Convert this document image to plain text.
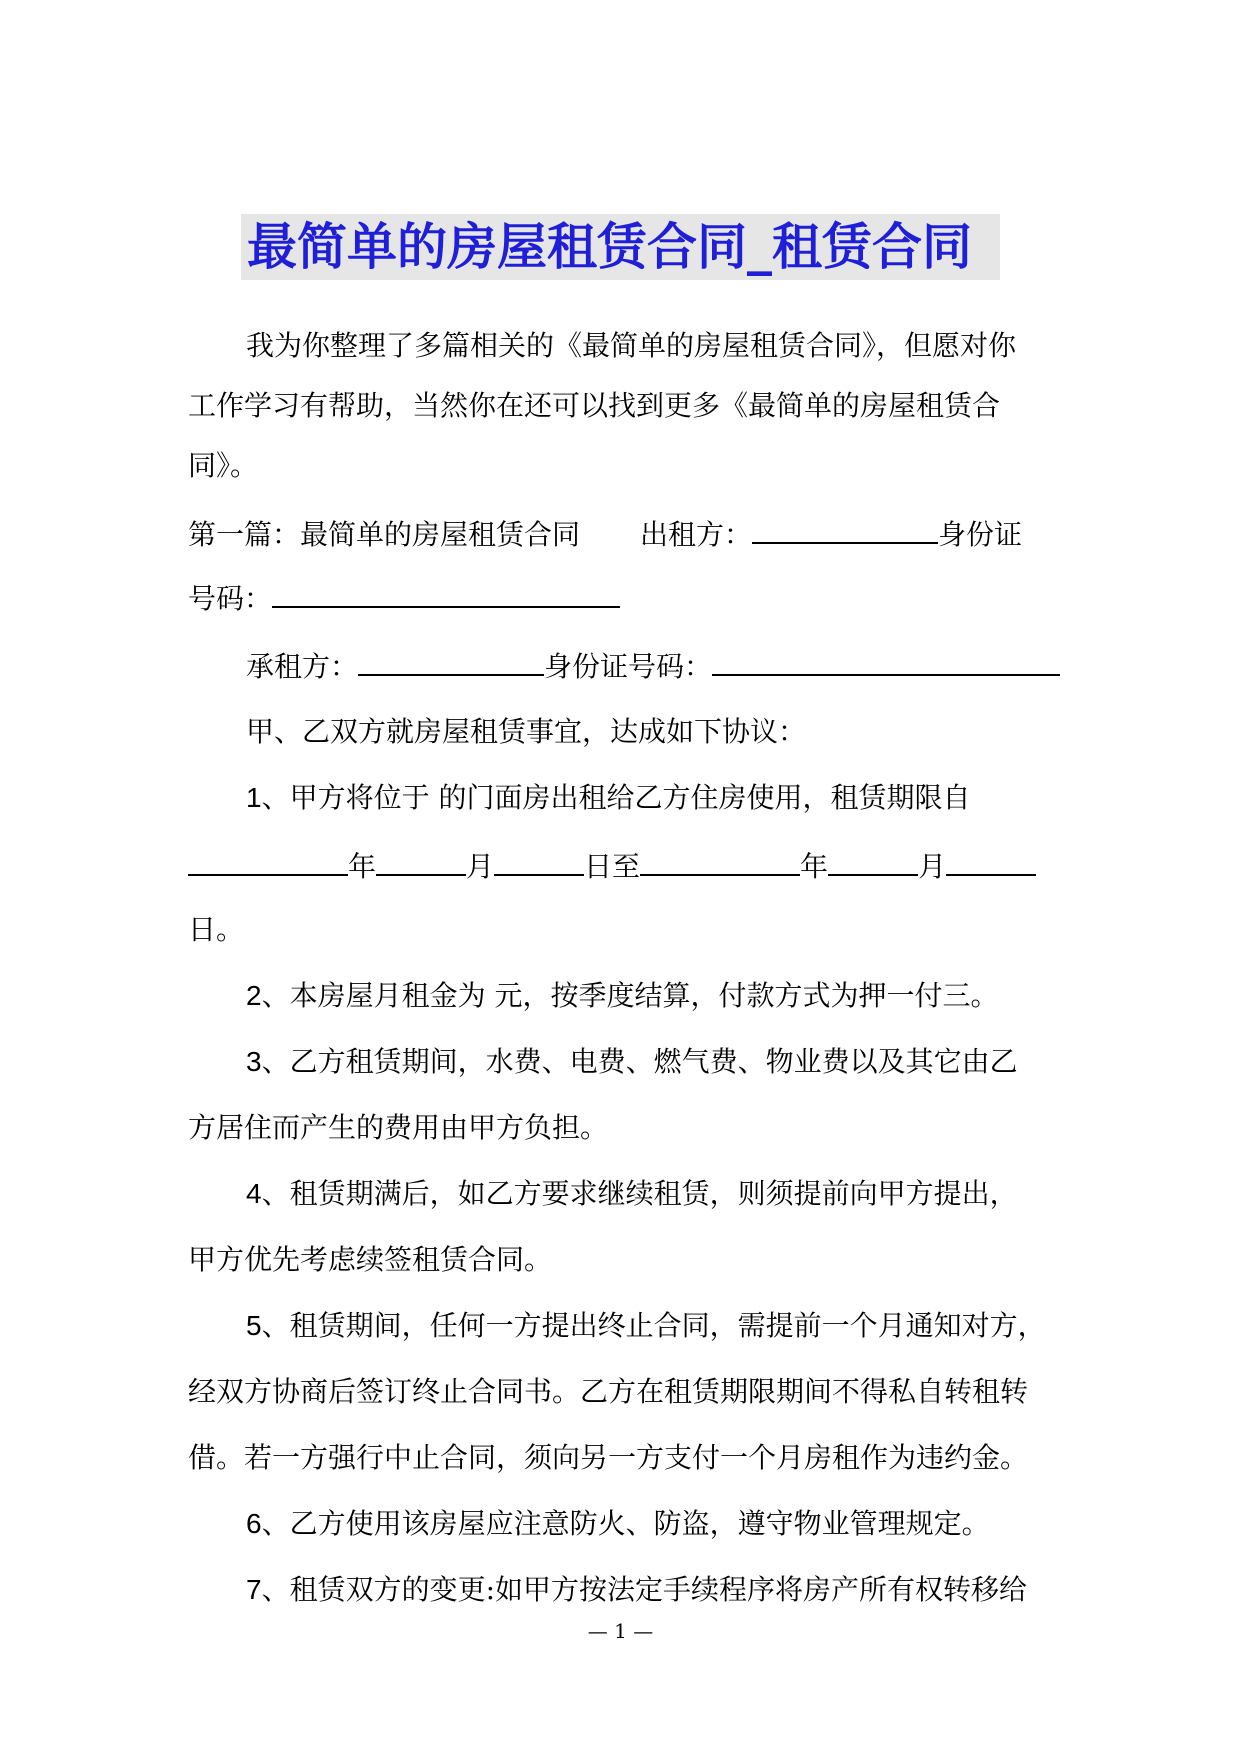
最简单的房屋租赁合同_租赁合同
我为你整理了多篇相关的《最简单的房屋租赁合同》，但愿对你
工作学习有帮助，当然你在还可以找到更多《最简单的房屋租赁合
同》。
第一篇：最简单的房屋租赁合同 出租方：	身份证
号码：
承租方：	身份证号码：
甲、乙双方就房屋租赁事宜，达成如下协议：
1、甲方将位于 的门面房出租给乙方住房使用，租赁期限自
年	月	日至	年	月
日。
2、本房屋月租金为 元，按季度结算，付款方式为押一付三。
3、乙方租赁期间，水费、电费、燃气费、物业费以及其它由乙
方居住而产生的费用由甲方负担。
4、租赁期满后，如乙方要求继续租赁，则须提前向甲方提出，
甲方优先考虑续签租赁合同。
5、租赁期间，任何一方提出终止合同，需提前一个月通知对方，
经双方协商后签订终止合同书。乙方在租赁期限期间不得私自转租转
借。若一方强行中止合同，须向另一方支付一个月房租作为违约金。
6、乙方使用该房屋应注意防火、防盗，遵守物业管理规定。
7、租赁双方的变更:如甲方按法定手续程序将房产所有权转移给
— 1 —
